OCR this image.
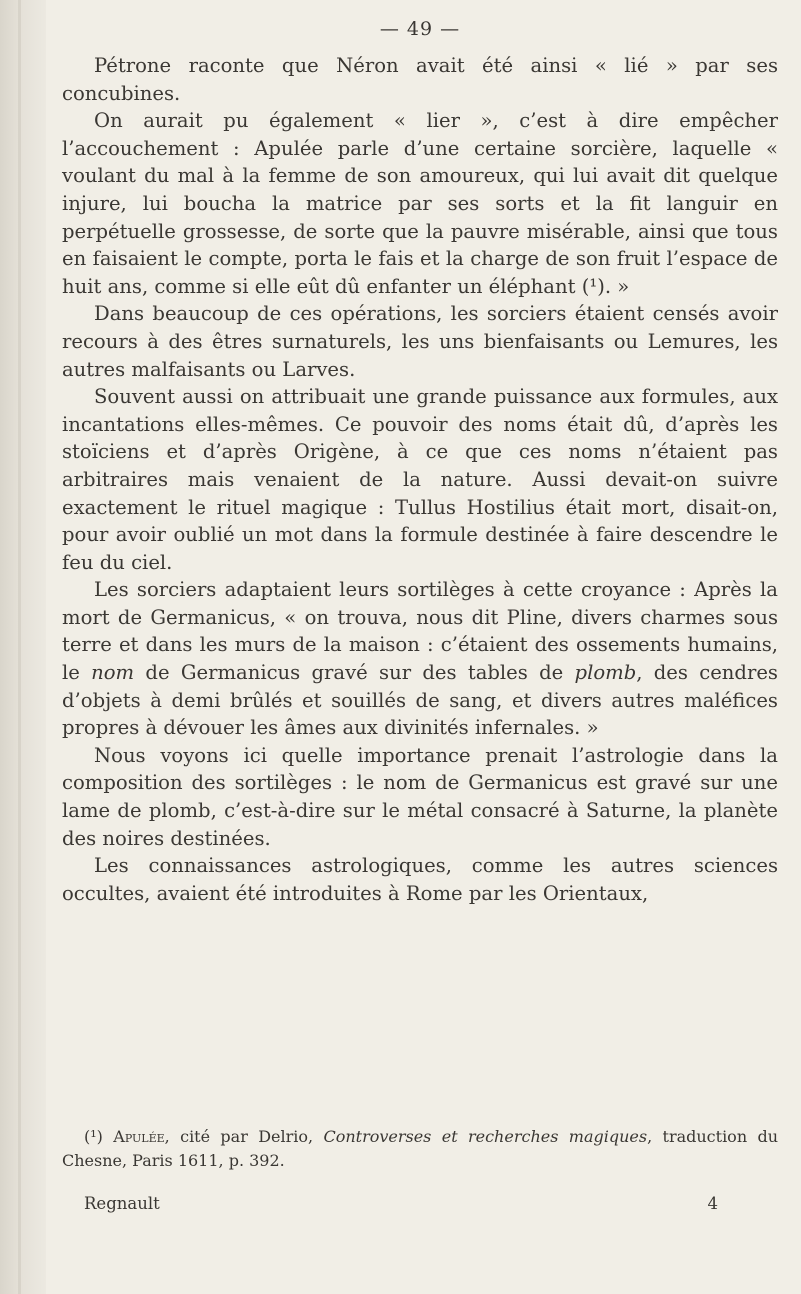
— 49 —

Pétrone raconte que Néron avait été ainsi « lié » par ses concubines.

On aurait pu également « lier », c’est à dire empêcher l’accouchement : Apulée parle d’une certaine sorcière, laquelle « voulant du mal à la femme de son amoureux, qui lui avait dit quelque injure, lui boucha la matrice par ses sorts et la fit languir en perpétuelle grossesse, de sorte que la pauvre misérable, ainsi que tous en faisaient le compte, porta le fais et la charge de son fruit l’espace de huit ans, comme si elle eût dû enfanter un éléphant (¹). »

Dans beaucoup de ces opérations, les sorciers étaient censés avoir recours à des êtres surnaturels, les uns bienfaisants ou Lemures, les autres malfaisants ou Larves.

Souvent aussi on attribuait une grande puissance aux formules, aux incantations elles-mêmes. Ce pouvoir des noms était dû, d’après les stoïciens et d’après Origène, à ce que ces noms n’étaient pas arbitraires mais venaient de la nature. Aussi devait-on suivre exactement le rituel magique : Tullus Hostilius était mort, disait-on, pour avoir oublié un mot dans la formule destinée à faire descendre le feu du ciel.

Les sorciers adaptaient leurs sortilèges à cette croyance : Après la mort de Germanicus, « on trouva, nous dit Pline, divers charmes sous terre et dans les murs de la maison : c’étaient des ossements humains, le nom de Germanicus gravé sur des tables de plomb, des cendres d’objets à demi brûlés et souillés de sang, et divers autres maléfices propres à dévouer les âmes aux divinités infernales. »

Nous voyons ici quelle importance prenait l’astrologie dans la composition des sortilèges : le nom de Germanicus est gravé sur une lame de plomb, c’est-à-dire sur le métal consacré à Saturne, la planète des noires destinées.

Les connaissances astrologiques, comme les autres sciences occultes, avaient été introduites à Rome par les Orientaux,

(¹) Apulée, cité par Delrio, Controverses et recherches magiques, traduction du Chesne, Paris 1611, p. 392.
Regnault	4
